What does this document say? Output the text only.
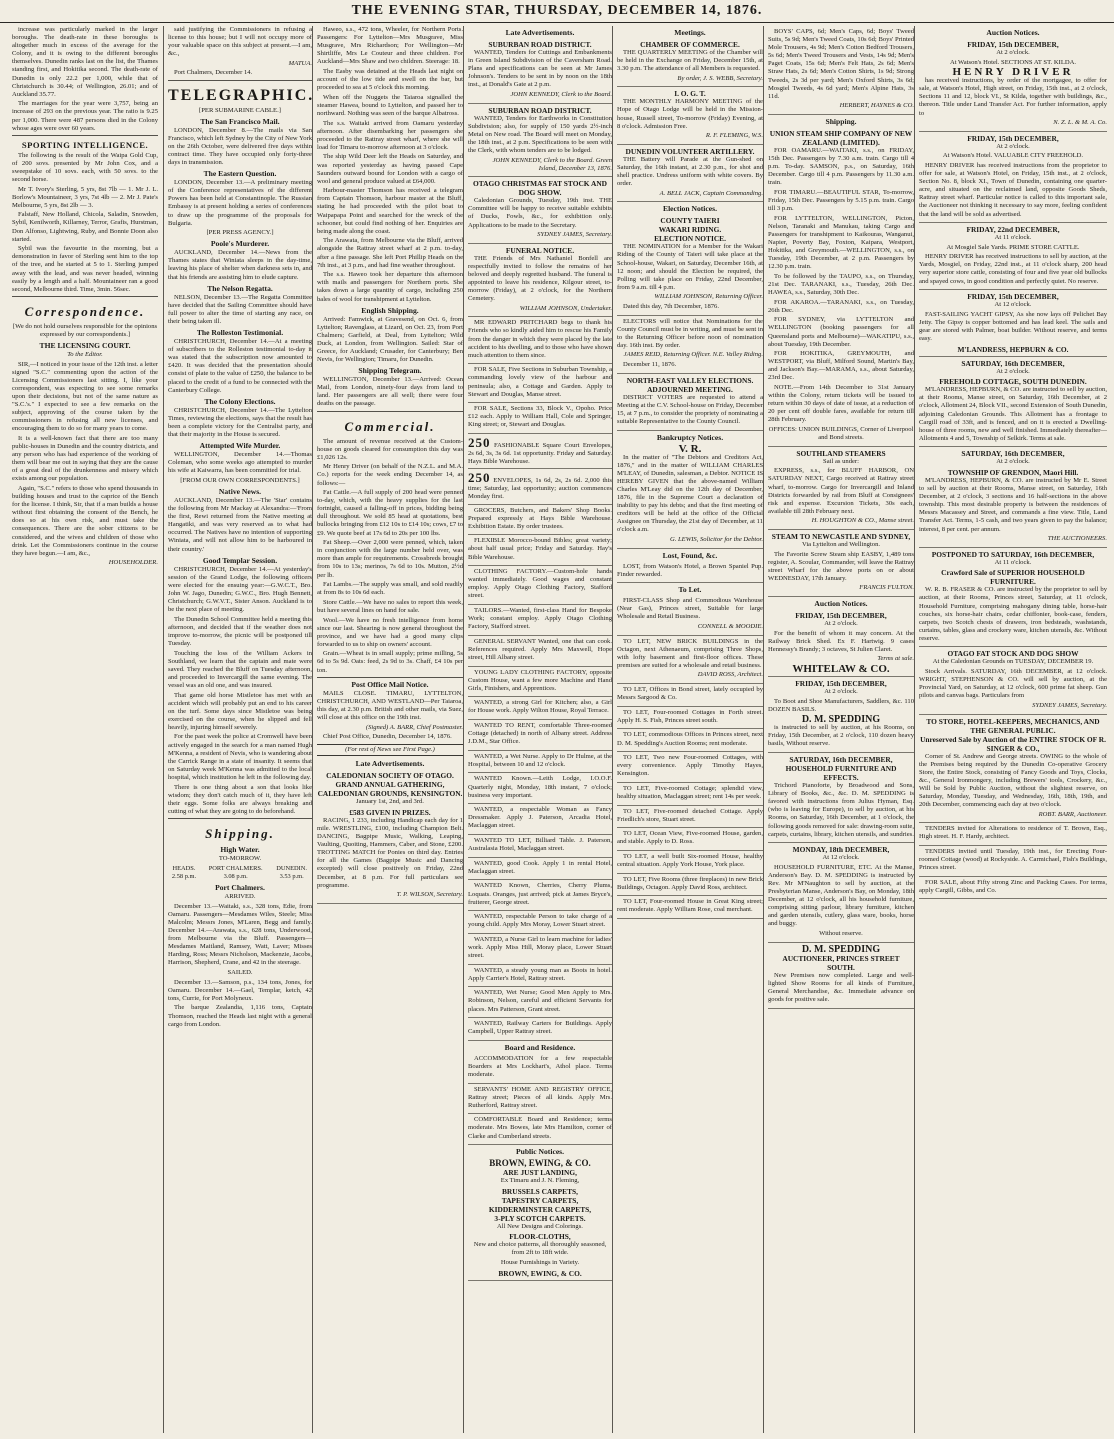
THE EVENING STAR, THURSDAY, DECEMBER 14, 1876.

increase was particularly marked in the larger boroughs. The death-rate in these boroughs is altogether much in excess of the average for the Colony, and it is owing to the different boroughs themselves. Dunedin ranks last on the list, the Thames standing first, and Hokitika second. The death-rate of Dunedin is only 22.2 per 1,000, while that of Christchurch is 30.44; of Wellington, 26.01; and of Auckland 35.77.

The marriages for the year were 3,757, being an increase of 293 on the previous year. The ratio is 9.25 per 1,000. There were 487 persons died in the Colony whose ages were over 60 years.

SPORTING INTELLIGENCE.

The following is the result of the Waipa Gold Cup, of 200 sovs. presented by Mr John Cox, and a sweepstake of 10 sovs. each, with 50 sovs. to the second horse.

Mr T. Ivory's Sterling, 5 yrs, 8st 7lb — 1. Mr J. L. Borlow's Mountaineer, 3 yrs, 7st 4lb — 2. Mr J. Pate's Melbourne, 5 yrs, 8st 2lb — 3.

Falstaff, New Holland, Chicola, Saladin, Snowden, Sybil, Kenilworth, Killarney, Terror, Grafis, Hurstman, Don Alfonso, Lightwing, Ruby, and Bonnie Doon also started.

Sybil was the favourite in the morning, but a demonstration in favor of Sterling sent him to the top of the tree, and he started at 5 to 1. Sterling jumped away with the lead, and was never headed, winning easily by a length and a half. Mountaineer ran a good second, Melbourne third. Time, 3min. 56sec.

Correspondence.

[We do not hold ourselves responsible for the opinions expressed by our correspondents.]

THE LICENSING COURT.

To the Editor.

SIR,—I noticed in your issue of the 12th inst. a letter signed "S.C." commenting upon the action of the Licensing Commissioners last sitting. I, like your correspondent, was expecting to see some remarks upon their decisions, but not of the same nature as "S.C.'s." I expected to see a few remarks on the subject, approving of the course taken by the commissioners in refusing all new licenses, and encouraging them to do so for many years to come.

It is a well-known fact that there are too many public-houses in Dunedin and the country districts, and any person who has had experience of the working of them will bear me out in saying that they are the cause of a great deal of the drunkenness and misery which exists among our population.

Again, "S.C." refers to those who spend thousands in building houses and trust to the caprice of the Bench for the license. I think, Sir, that if a man builds a house without first obtaining the consent of the Bench, he does so at his own risk, and must take the consequences. There are the sober citizens to be considered, and the wives and children of those who drink. Let the Commissioners continue in the course they have begun.—I am, &c.,

HOUSEHOLDER.

said justifying the Commissioners in refusing a license to this house; but I will not occupy more of your valuable space on this subject at present.—I am, &c.,

MATUA.

Port Chalmers, December 14.

TELEGRAPHIC.

[PER SUBMARINE CABLE.]

The San Francisco Mail.

LONDON, December 8.—The mails via San Francisco, which left Sydney by the City of New York on the 26th October, were delivered five days within contract time. They have occupied only forty-three days in transmission.

The Eastern Question.

LONDON, December 13.—A preliminary meeting of the Conference representatives of the different Powers has been held at Constantinople. The Russian Embassy is at present holding a series of conferences to draw up the programme of the proposals for Bulgaria.

[PER PRESS AGENCY.]

Poole's Murderer.

AUCKLAND, December 14.—News from the Thames states that Winiata sleeps in the day-time, leaving his place of shelter when darkness sets in, and that his friends are assisting him to elude capture.

The Nelson Regatta.

NELSON, December 13.—The Regatta Committee have decided that the Sailing Committee should have full power to alter the time of starting any race, on their being taken ill.

The Rolleston Testimonial.

CHRISTCHURCH, December 14.—At a meeting of subscribers to the Rolleston testimonial to-day it was stated that the subscription now amounted to £420. It was decided that the presentation should consist of plate to the value of £250, the balance to be placed to the credit of a fund to be connected with the Canterbury College.

The Colony Elections.

CHRISTCHURCH, December 14.—The Lyttelton Times, reviewing the elections, says that the result has been a complete victory for the Centralist party, and that their majority in the House is secured.

Attempted Wife Murder.

WELLINGTON, December 14.—Thomas Coleman, who some weeks ago attempted to murder his wife at Kaiwarra, has been committed for trial.

[FROM OUR OWN CORRESPONDENTS.]

Native News.

AUCKLAND, December 13.—The 'Star' contains the following from Mr Mackay at Alexandra:—'From the first, Rewi returned from the Native meeting at Hangatiki, and was very reserved as to what had occurred. The Natives have no intention of supporting Winiata, and will not allow him to be harboured in their country.'

Good Templar Session.

CHRISTCHURCH, December 14.—At yesterday's session of the Grand Lodge, the following officers were elected for the ensuing year:—G.W.C.T., Bro. John W. Jago, Dunedin; G.W.C., Bro. Hugh Bennett, Christchurch; G.W.V.T., Sister Anson. Auckland is to be the next place of meeting.

The Dunedin School Committee held a meeting this afternoon, and decided that if the weather does not improve to-morrow, the picnic will be postponed till Tuesday.

Touching the loss of the William Ackers in Southland, we learn that the captain and mate were saved. They reached the Bluff on Tuesday afternoon, and proceeded to Invercargill the same evening. The vessel was an old one, and was insured.

That game old horse Mistletoe has met with an accident which will probably put an end to his career on the turf. Some days since Mistletoe was being exercised on the course, when he slipped and fell heavily, injuring himself severely.

For the past week the police at Cromwell have been actively engaged in the search for a man named Hugh M'Kenna, a resident of Nevis, who is wandering about the Carrick Range in a state of insanity. It seems that on Saturday week M'Kenna was admitted to the local hospital, which institution he left in the following day.

There is one thing about a son that looks like wisdom; they don't catch much of it, they have left their eggs. Some folks are always breaking and cutting of what they are going to do beforehand.

Shipping.
High Water.

TO-MORROW.

HEADS.	PORT CHALMERS.	DUNEDIN.
2.58 p.m.	3.08 p.m.	3.53 p.m.
Port Chalmers.

ARRIVED.

December 13.—Waitaki, s.s., 328 tons, Edie, from Oamaru. Passengers—Mesdames Wiles, Steele; Miss Malcolm; Messrs Jones, M'Laren, Begg and family. December 14.—Arawata, s.s., 628 tons, Underwood, from Melbourne via the Bluff. Passengers—Mesdames Maitland, Ramsey, Watt, Laver; Misses Harding, Ross; Messrs Nicholson, Mackenzie, Jacobs, Harrison, Shepherd, Crane, and 42 in the steerage.

SAILED.

December 13.—Samson, p.s., 134 tons, Jones, for Oamaru. December 14.—Gael, Templar, ketch, 42 tons, Currie, for Port Molyneux.

The barque Zealandia, 1,116 tons, Captain Thomson, reached the Heads last night with a general cargo from London.

Haweo, s.s., 472 tons, Wheeler, for Northern Ports. Passengers: For Lyttelton—Mrs Musgrave, Miss Musgrave, Mrs Richardson; For Wellington—Mr Shirtliffe, Mrs Le Couteur and three children. For Auckland—Mrs Shaw and two children. Steerage: 18.

The Easby was detained at the Heads last night on account of the low tide and swell on the bar, but proceeded to sea at 5 o'clock this morning.

When off the Nuggets the Taiaroa signalled the steamer Hawea, bound to Lyttelton, and passed her to northward. Nothing was seen of the barque Albatross.

The s.s. Waitaki arrived from Oamaru yesterday afternoon. After disembarking her passengers she proceeded to the Rattray street wharf, where she will load for Timaru to-morrow afternoon at 3 o'clock.

The ship Wild Deer left the Heads on Saturday, and was reported yesterday as having passed Cape Saunders outward bound for London with a cargo of wool and general produce valued at £64,000.

Harbour-master Thomson has received a telegram from Captain Thomson, harbour master at the Bluff, stating he had proceeded with the pilot boat to Waipapapa Point and searched for the wreck of the schooner, but could find nothing of her. Enquiries are being made along the coast.

The Arawata, from Melbourne via the Bluff, arrived alongside the Rattray street wharf at 2 p.m. to-day, after a fine passage. She left Port Phillip Heads on the 7th inst., at 3 p.m., and had fine weather throughout.

The s.s. Haweo took her departure this afternoon with mails and passengers for Northern ports. She takes down a large quantity of cargo, including 250 bales of wool for transhipment at Lyttelton.

English Shipping.

Arrived: Famwick, at Gravesend, on Oct. 6, from Lyttelton; Ravenglass, at Lizard, on Oct. 23, from Port Chalmers; Garfield, at Deal, from Lyttelton; Wild Duck, at London, from Wellington. Sailed: Star of Greece, for Auckland; Crusader, for Canterbury; Ben Nevis, for Wellington; Timaru, for Dunedin.

Shipping Telegram.

WELLINGTON, December 13.—Arrived: Ocean Mail, from London, ninety-four days from land to land. Her passengers are all well; there were four deaths on the passage.

Commercial.

The amount of revenue received at the Custom-house on goods cleared for consumption this day was £1,026 12s.

Mr Henry Driver (on behalf of the N.Z.L. and M.A. Co.) reports for the week ending December 14, as follows:—

Fat Cattle.—A full supply of 200 head were penned to-day, which, with the heavy supplies for the last fortnight, caused a falling-off in prices, bidding being dull throughout. We sold 85 head at quotations, best bullocks bringing from £12 10s to £14 10s; cows, £7 to £9. We quote beef at 17s 6d to 20s per 100 lbs.

Fat Sheep.—Over 2,000 were penned, which, taken in conjunction with the large number held over, was more than ample for requirements. Crossbreds brought from 10s to 13s; merinos, 7s 6d to 10s. Mutton, 2½d per lb.

Fat Lambs.—The supply was small, and sold readily at from 8s to 10s 6d each.

Store Cattle.—We have no sales to report this week, but have several lines on hand for sale.

Wool.—We have no fresh intelligence from home since our last. Shearing is now general throughout the province, and we have had a good many clips forwarded to us to ship on owners' account.

Grain.—Wheat is in small supply; prime milling, 5s 6d to 5s 9d. Oats: feed, 2s 9d to 3s. Chaff, £4 10s per ton.

Post Office Mail Notice.

MAILS CLOSE. TIMARU, LYTTELTON, CHRISTCHURCH, AND WESTLAND—Per Taiaroa, this day, at 2.30 p.m. British and other mails, via Suez, will close at this office on the 19th inst.

(Signed) A. BARR, Chief Postmaster.

Chief Post Office, Dunedin, December 14, 1876.

(For rest of News see First Page.)
Late Advertisements.
CALEDONIAN SOCIETY OF OTAGO.
GRAND ANNUAL GATHERING,
CALEDONIAN GROUNDS, KENSINGTON.

January 1st, 2nd, and 3rd.

£583 GIVEN IN PRIZES.

RACING, 1 233, including Handicap each day for 1 mile. WRESTLING, £100, including Champion Belt. DANCING, Bagpipe Music, Walking, Leaping, Vaulting, Quoiting, Hammers, Caber, and Stone, £200. TROTTING MATCH for Ponies on third day. Entries for all the Games (Bagpipe Music and Dancing excepted) will close positively on Friday, 22nd December, at 8 p.m. For full particulars see programme.

T. P. WILSON, Secretary.

Late Advertisements.
SUBURBAN ROAD DISTRICT.

WANTED, Tenders for Cuttings and Embankments in Green Island Subdivision of the Caversham Road. Plans and specifications can be seen at Mr James Johnson's. Tenders to be sent in by noon on the 18th inst., at Donald's Gate at 2 p.m.

JOHN KENNEDY, Clerk to the Board.

SUBURBAN ROAD DISTRICT.

WANTED, Tenders for Earthworks in Constitution Subdivision; also, for supply of 150 yards 2½-inch Metal on New road. The Board will meet on Monday, the 18th inst., at 2 p.m. Specifications to be seen with the Clerk, with whom tenders are to be lodged.

JOHN KENNEDY, Clerk to the Board. Green Island, December 13, 1876.

OTAGO CHRISTMAS FAT STOCK AND DOG SHOW.

Caledonian Grounds, Tuesday, 19th inst. THE Committee will be happy to receive suitable exhibits of Ducks, Fowls, &c., for exhibition only. Applications to be made to the Secretary.

SYDNEY JAMES, Secretary.

FUNERAL NOTICE.

THE Friends of Mrs Nathaniel Bonfell are respectfully invited to follow the remains of her beloved and deeply regretted husband. The funeral is appointed to leave his residence, Kilgour street, to-morrow (Friday), at 2 o'clock, for the Northern Cemetery.

WILLIAM JOHNSON, Undertaker.

MR EDWARD PRITCHARD begs to thank his Friends who so kindly aided him to rescue his Family from the danger in which they were placed by the late accident to his dwelling, and to those who have shown much attention to them since.

FOR SALE, Five Sections in Suburban Township, a commanding lovely view of the harbour and peninsula; also, a Cottage and Garden. Apply to Stewart and Douglas, Manse street.

FOR SALE, Sections 33, Block V., Opoho. Price £12 each. Apply to William Hall, Cole and Springer, King street; or, Stewart and Douglas.

250 FASHIONABLE Square Court Envelopes, 2s 6d, 3s, 3s 6d. 1st opportunity. Friday and Saturday. Hays Bible Warehouse.
250 ENVELOPES, 1s 6d, 2s, 2s 6d. 2,000 this time; Saturday, last opportunity; auction commences Monday first.

GROCERS, Butchers, and Bakers' Shop Books. Prepared expressly at Hays Bible Warehouse. Exhibition Estate. By order trustees.

FLEXIBLE Morocco-bound Bibles; great variety; about half usual price; Friday and Saturday. Hay's Bible Warehouse.

CLOTHING FACTORY.—Custom-hole hands wanted immediately. Good wages and constant employ. Apply Otago Clothing Factory, Stafford street.

TAILORS.—Wanted, first-class Hand for Bespoke Work; constant employ. Apply Otago Clothing Factory, Stafford street.

GENERAL SERVANT Wanted, one that can cook. References required. Apply Mrs Maxwell, Hope street, Hill Albany street.

YOUNG LADY CLOTHING FACTORY, opposite Custom House, want a few more Machine and Hand Girls, Finishers, and Apprentices.

WANTED, a strong Girl for Kitchen; also, a Girl for House work. Apply Wilton House, Royal Terrace.

WANTED TO RENT, comfortable Three-roomed Cottage (detached) in north of Albany street. Address J.D.M., Star Office.

WANTED, a Wet Nurse. Apply to Dr Hulme, at the Hospital, between 10 and 12 o'clock.

WANTED Known.—Leith Lodge, I.O.O.F. Quarterly night, Monday, 18th instant, 7 o'clock; business very important.

WANTED, a respectable Woman as Fancy Dressmaker. Apply J. Paterson, Arcadia Hotel, Maclaggan street.

WANTED TO LET, Billiard Table. J. Paterson, Australasia Hotel, Maclaggan street.

WANTED, good Cook. Apply 1 in rental Hotel, Maclaggan street.

WANTED Known, Cherries, Cherry Plums, Loquats. Oranges, just arrived; pick at James Bryce's, fruiterer, George street.

WANTED, respectable Person to take charge of a young child. Apply Mrs Moray, Lower Stuart street.

WANTED, a Nurse Girl to learn machine for ladies' work. Apply Miss Hill, Moray place, Lower Stuart street.

WANTED, a steady young man as Boots in hotel. Apply Carrier's Hotel, Rattray street.

WANTED, Wet Nurse; Good Men Apply to Mrs. Robinson, Nelson, careful and efficient Servants for places. Mrs Patterson, Grant street.

WANTED, Railway Carters for Buildings. Apply Campbell, Upper Rattray street.

Board and Residence.

ACCOMMODATION for a few respectable Boarders at Mrs Lockhart's, Athol place. Terms moderate.

SERVANTS' HOME AND REGISTRY OFFICE, Rattray street; Pieces of all kinds. Apply Mrs. Rutherford, Rattray street.

COMFORTABLE Board and Residence; terms moderate. Mrs Bowes, late Mrs Hamilton, corner of Clarke and Cumberland streets.

Public Notices.
BROWN, EWING, & CO.
ARE JUST LANDING,

Ex Timaru and J. N. Fleming,

BRUSSELS CARPETS,
TAPESTRY CARPETS,
KIDDERMINSTER CARPETS,
3-PLY SCOTCH CARPETS.

All New Designs and Colorings.

FLOOR-CLOTHS,

New and choice patterns, all thoroughly seasoned, from 2ft to 18ft wide.

House Furnishings in Variety.

BROWN, EWING, & CO.
Meetings.
CHAMBER OF COMMERCE.

THE QUARTERLY MEETING of the Chamber will be held in the Exchange on Friday, December 15th, at 3.30 p.m. The attendance of all Members is requested.

By order, J. S. WEBB, Secretary.

I. O. G. T.

THE MONTHLY HARMONY MEETING of the Hope of Otago Lodge will be held in the Mission-house, Russell street, To-morrow (Friday) Evening, at 8 o'clock. Admission Free.

R. F. FLEMING, W.S.

DUNEDIN VOLUNTEER ARTILLERY.

THE Battery will Parade at the Gun-shed on Saturday, the 16th instant, at 2.30 p.m., for shot and shell practice. Undress uniform with white covers. By order.

A. BELL JACK, Captain Commanding.

Election Notices.
COUNTY TAIERI
WAKARI RIDING.
ELECTION NOTICE.

THE NOMINATION for a Member for the Wakari Riding of the County of Taieri will take place at the School-house, Wakari, on Saturday, December 16th, at 12 noon; and should the Election be required, the Polling will take place on Friday, 22nd December, from 9 a.m. till 4 p.m.

WILLIAM JOHNSON, Returning Officer.

Dated this day, 7th December, 1876.

ELECTORS will notice that Nominations for the County Council must be in writing, and must be sent in to the Returning Officer before noon of nomination day. 16th inst. By order.

JAMES REID, Returning Officer. N.E. Valley Riding.

December 11, 1876.

NORTH-EAST VALLEY ELECTIONS.
ADJOURNED MEETING.

DISTRICT VOTERS are requested to attend a Meeting at the C.V. School-house on Friday, December 15, at 7 p.m., to consider the propriety of nominating a suitable Representative to the County Council.

Bankruptcy Notices.
V. R.

In the matter of "The Debtors and Creditors Act, 1876," and in the matter of WILLIAM CHARLES M'LEAY, of Dunedin, salesman, a Debtor. NOTICE IS HEREBY GIVEN that the above-named William Charles M'Leay did on the 12th day of December, 1876, file in the Supreme Court a declaration of inability to pay his debts; and that the first meeting of creditors will be held at the office of the Official Assignee on Thursday, the 21st day of December, at 11 o'clock a.m.

G. LEWIS, Solicitor for the Debtor.

Lost, Found, &c.

LOST, from Watson's Hotel, a Brown Spaniel Pup. Finder rewarded.

To Let.

FIRST-CLASS Shop and Commodious Warehouse (Near Gas), Princes street, Suitable for large Wholesale and Retail Business.

CONNELL & MOODIE.

TO LET, NEW BRICK BUILDINGS in the Octagon, next Athenaeum, comprising Three Shops, with lofty basement and first-floor offices. These premises are suited for a wholesale and retail business.

DAVID ROSS, Architect.

TO LET, Offices in Bond street, lately occupied by Messrs Sargood & Co.

TO LET, Four-roomed Cottages in Forth street. Apply H. S. Fish, Princes street south.

TO LET, commodious Offices in Princes street, next D. M. Spedding's Auction Rooms; rent moderate.

TO LET, Two new Four-roomed Cottages, with every convenience. Apply Timothy Hayes, Kensington.

TO LET, Five-roomed Cottage; splendid view, healthy situation, Maclaggan street; rent 14s per week.

TO LET, Five-roomed detached Cottage. Apply Friedlich's store, Stuart street.

TO LET, Ocean View, Five-roomed House, garden, and stable. Apply to D. Ross.

TO LET, a well built Six-roomed House, healthy central situation. Apply York House, York place.

TO LET, Five Rooms (three fireplaces) in new Brick Buildings, Octagon. Apply David Ross, architect.

TO LET, Four-roomed House in Great King street; rent moderate. Apply William Rose, coal merchant.

BOYS' CAPS, 6d; Men's Caps, 6d; Boys' Tweed Suits, 5s 9d; Men's Tweed Coats, 10s 6d; Boys' Printed Mole Trousers, 4s 9d; Men's Cotton Bedford Trousers, 5s 6d; Men's Tweed Trousers and Vests, 14s 9d; Men's Paget Coats, 15s 6d; Men's Felt Hats, 2s 6d; Men's Straw Hats, 2s 6d; Men's Cotton Shirts, 1s 9d; Strong Tweeds, 2s 3d per yard; Men's Oxford Shirts, 3s 6d; Mosgiel Tweeds, 4s 6d yard; Men's Alpine Hats, 3s 11d.

HERBERT, HAYNES & CO.

Shipping.
UNION STEAM SHIP COMPANY OF NEW ZEALAND (LIMITED).

FOR OAMARU.—WAITAKI, s.s., on FRIDAY, 15th Dec. Passengers by 7.30 a.m. train. Cargo till 4 p.m. To-day. SAMSON, p.s., on Saturday, 16th December. Cargo till 4 p.m. Passengers by 11.30 a.m. train.

FOR TIMARU.—BEAUTIFUL STAR, To-morrow, Friday, 15th Dec. Passengers by 5.15 p.m. train. Cargo till 3 p.m.

FOR LYTTELTON, WELLINGTON, Picton, Nelson, Taranaki and Manukau, taking Cargo and Passengers for transhipment to Kaikouras, Wanganui, Napier, Poverty Bay, Foxton, Kaipara, Westport, Hokitika, and Greymouth.—WELLINGTON, s.s., on Tuesday, 19th December, at 2 p.m. Passengers by 12.30 p.m. train.

To be followed by the TAUPO, s.s., on Thursday, 21st Dec. TARANAKI, s.s., Tuesday, 26th Dec. HAWEA, s.s., Saturday, 30th Dec.

FOR AKAROA.—TARANAKI, s.s., on Tuesday, 26th Dec.

FOR SYDNEY, via LYTTELTON and WELLINGTON (booking passengers for all Queensland ports and Melbourne)—WAKATIPU, s.s., about Tuesday, 19th December.

FOR HOKITIKA, GREYMOUTH, and WESTPORT, via Bluff, Milford Sound, Martin's Bay, and Jackson's Bay.—MARAMA, s.s., about Saturday, 23rd Dec.

NOTE.—From 14th December to 31st January within the Colony, return tickets will be issued to return within 30 days of date of issue, at a reduction of 20 per cent off double fares, available for return till 28th February.

OFFICES: UNION BUILDINGS, Corner of Liverpool and Bond streets.

SOUTHLAND STEAMERS

Sail as under:

EXPRESS, s.s., for BLUFF HARBOR, ON SATURDAY NEXT, Cargo received at Rattray street wharf, to-morrow. Cargo for Invercargill and Inland Districts forwarded by rail from Bluff at Consignees' risk and expense. Excursion Tickets, 30s each, available till 28th February next.

H. HOUGHTON & CO., Manse street.

STEAM TO NEWCASTLE AND SYDNEY,

Via Lyttelton and Wellington.

The Favorite Screw Steam ship EASBY, 1,489 tons register, A. Scoular, Commander, will leave the Rattray street Wharf for the above ports on or about WEDNESDAY, 17th January.

FRANCIS FULTON.

Auction Notices.
FRIDAY, 15th DECEMBER,

At 2 o'clock.

For the benefit of whom it may concern. At the Railway Brick Shed. Ex F. Hartwig. 9 cases Hennessy's Brandy; 3 octaves, St Julien Claret.

Terms at sale.

WHITELAW & CO.
FRIDAY, 15th DECEMBER,

At 2 o'clock.

To Boot and Shoe Manufacturers, Saddlers, &c. 110 DOZEN BASILS.

D. M. SPEDDING

is instructed to sell by auction, at his Rooms, on Friday, 15th December, at 2 o'clock, 110 dozen heavy basils, Without reserve.

SATURDAY, 16th DECEMBER,
HOUSEHOLD FURNITURE AND EFFECTS.

Trichord Pianoforte, by Broadwood and Sons, Library of Books, &c., &c. D. M. SPEDDING is favored with instructions from Julius Hyman, Esq. (who is leaving for Europe), to sell by auction, at his Rooms, on Saturday, 16th December, at 1 o'clock, the following goods removed for sale: drawing-room suite, carpets, curtains, library, kitchen utensils, and sundries.

MONDAY, 18th DECEMBER,

At 12 o'clock.

HOUSEHOLD FURNITURE, ETC. At the Manse, Anderson's Bay. D. M. SPEDDING is instructed by Rev. Mr M'Naughton to sell by auction, at the Presbyterian Manse, Anderson's Bay, on Monday, 18th December, at 12 o'clock, all his household furniture, comprising sitting parlour, library furniture, kitchen and garden utensils, cutlery, glass ware, books, horse and buggy.

Without reserve.

D. M. SPEDDING
AUCTIONEER, PRINCES STREET SOUTH.

New Premises now completed. Large and well-lighted Show Rooms for all kinds of Furniture, General Merchandise, &c. Immediate advance on goods for positive sale.

Auction Notices.
FRIDAY, 15th DECEMBER,

At 2 o'clock.

At Watson's Hotel. SECTIONS AT ST. KILDA.

HENRY DRIVER

has received instructions, by order of the mortgagee, to offer for sale, at Watson's Hotel, High street, on Friday, 15th inst., at 2 o'clock, Sections 11 and 12, block VI., St Kilda, together with buildings, &c., thereon. Title under Land Transfer Act. For further information, apply to

N. Z. L. & M. A. Co.

FRIDAY, 15th DECEMBER,

At 2 o'clock.

At Watson's Hotel. VALUABLE CITY FREEHOLD.

HENRY DRIVER has received instructions from the proprietor to offer for sale, at Watson's Hotel, on Friday, 15th inst., at 2 o'clock, Section No. 8, block XI., Town of Dunedin, containing one quarter-acre, and situated on the reclaimed land, opposite Goods Sheds, Rattray street wharf. Particular notice is called to this important sale, the Auctioneer not thinking it necessary to say more, feeling confident that the land will be sold as advertised.

FRIDAY, 22nd DECEMBER,

At 11 o'clock.

At Mosgiel Sale Yards. PRIME STORE CATTLE.

HENRY DRIVER has received instructions to sell by auction, at the Yards, Mosgiel, on Friday, 22nd inst., at 11 o'clock sharp, 200 head very superior store cattle, consisting of four and five year old bullocks and spayed cows, in good condition and perfectly quiet. No reserve.

FRIDAY, 15th DECEMBER,

At 12 o'clock.

FAST-SAILING YACHT GIPSY, As she now lays off Pelichet Bay Jetty. The Gipsy is copper bottomed and has lead keel. The sails and gear are stored with Palmer, boat builder. Without reserve, and terms easy.

M'LANDRESS, HEPBURN & CO.
SATURDAY, 16th DECEMBER,

At 2 o'clock.

FREEHOLD COTTAGE, SOUTH DUNEDIN.

M'LANDRESS, HEPBURN, & CO. are instructed to sell by auction, at their Rooms, Manse street, on Saturday, 16th December, at 2 o'clock, Allotment 24, Block VII., second Extension of South Dunedin, adjoining Caledonian Grounds. This Allotment has a frontage to Cargill road of 33ft, and is fenced, and on it is erected a Dwelling-house of three rooms, new and well finished. Immediately thereafter—Allotments 4 and 5, Township of Selkirk. Terms at sale.

SATURDAY, 16th DECEMBER,

At 2 o'clock.

TOWNSHIP OF GRENDON, Maori Hill.

M'LANDRESS, HEPBURN, & CO. are instructed by Mr E. Street to sell by auction at their Rooms, Manse street, on Saturday, 16th December, at 2 o'clock, 3 sections and 16 half-sections in the above township. This most desirable property is between the residences of Messrs Macassey and Street, and commands a fine view. Title, Land Transfer Act. Terms, 1-5 cash, and two years given to pay the balance; interest, 8 per cent. per annum.

THE AUCTIONEERS.

POSTPONED TO SATURDAY, 16th DECEMBER,

At 11 o'clock.

Crawford Sale of SUPERIOR HOUSEHOLD FURNITURE.

W. R. B. FRASER & CO. are instructed by the proprietor to sell by auction, at their Rooms, Princes street, Saturday, at 11 o'clock, Household Furniture, comprising mahogany dining table, horse-hair couches, six horse-hair chairs, cedar chiffonier, book-case, fenders, carpets, two Scotch chests of drawers, iron bedsteads, washstands, curtains, tables, glass and crockery ware, kitchen utensils, &c. Without reserve.

OTAGO FAT STOCK AND DOG SHOW

At the Caledonian Grounds on TUESDAY, DECEMBER 19.

Stock Arrivals. SATURDAY, 16th DECEMBER, at 12 o'clock. WRIGHT, STEPHENSON & CO. will sell by auction, at the Provincial Yard, on Saturday, at 12 o'clock, 600 prime fat sheep. Gun pilots and canvas bags. Particulars from

SYDNEY JAMES, Secretary.

TO STORE, HOTEL-KEEPERS, MECHANICS, AND THE GENERAL PUBLIC.
Unreserved Sale by Auction of the ENTIRE STOCK OF R. SINGER & CO.,

Corner of St. Andrew and George streets. OWING to the whole of the Premises being required by the Dunedin Co-operative Grocery Store, the Entire Stock, consisting of Fancy Goods and Toys, Clocks, &c., General Ironmongery, including Brewers' tools, Crockery, &c., Will be Sold by Public Auction, without the slightest reserve, on Saturday, Monday, Tuesday, and Wednesday, 16th, 18th, 19th, and 20th December, commencing each day at two o'clock.

ROBT. BARR, Auctioneer.

TENDERS invited for Alterations to residence of T. Brown, Esq., High street. H. F. Hardy, architect.

TENDERS invited until Tuesday, 19th inst., for Erecting Four-roomed Cottage (wood) at Rockyside. A. Carmichael, Fish's Buildings, Princes street.

FOR SALE, about Fifty strong Zinc and Packing Cases. For terms, apply Cargill, Gibbs, and Co.
